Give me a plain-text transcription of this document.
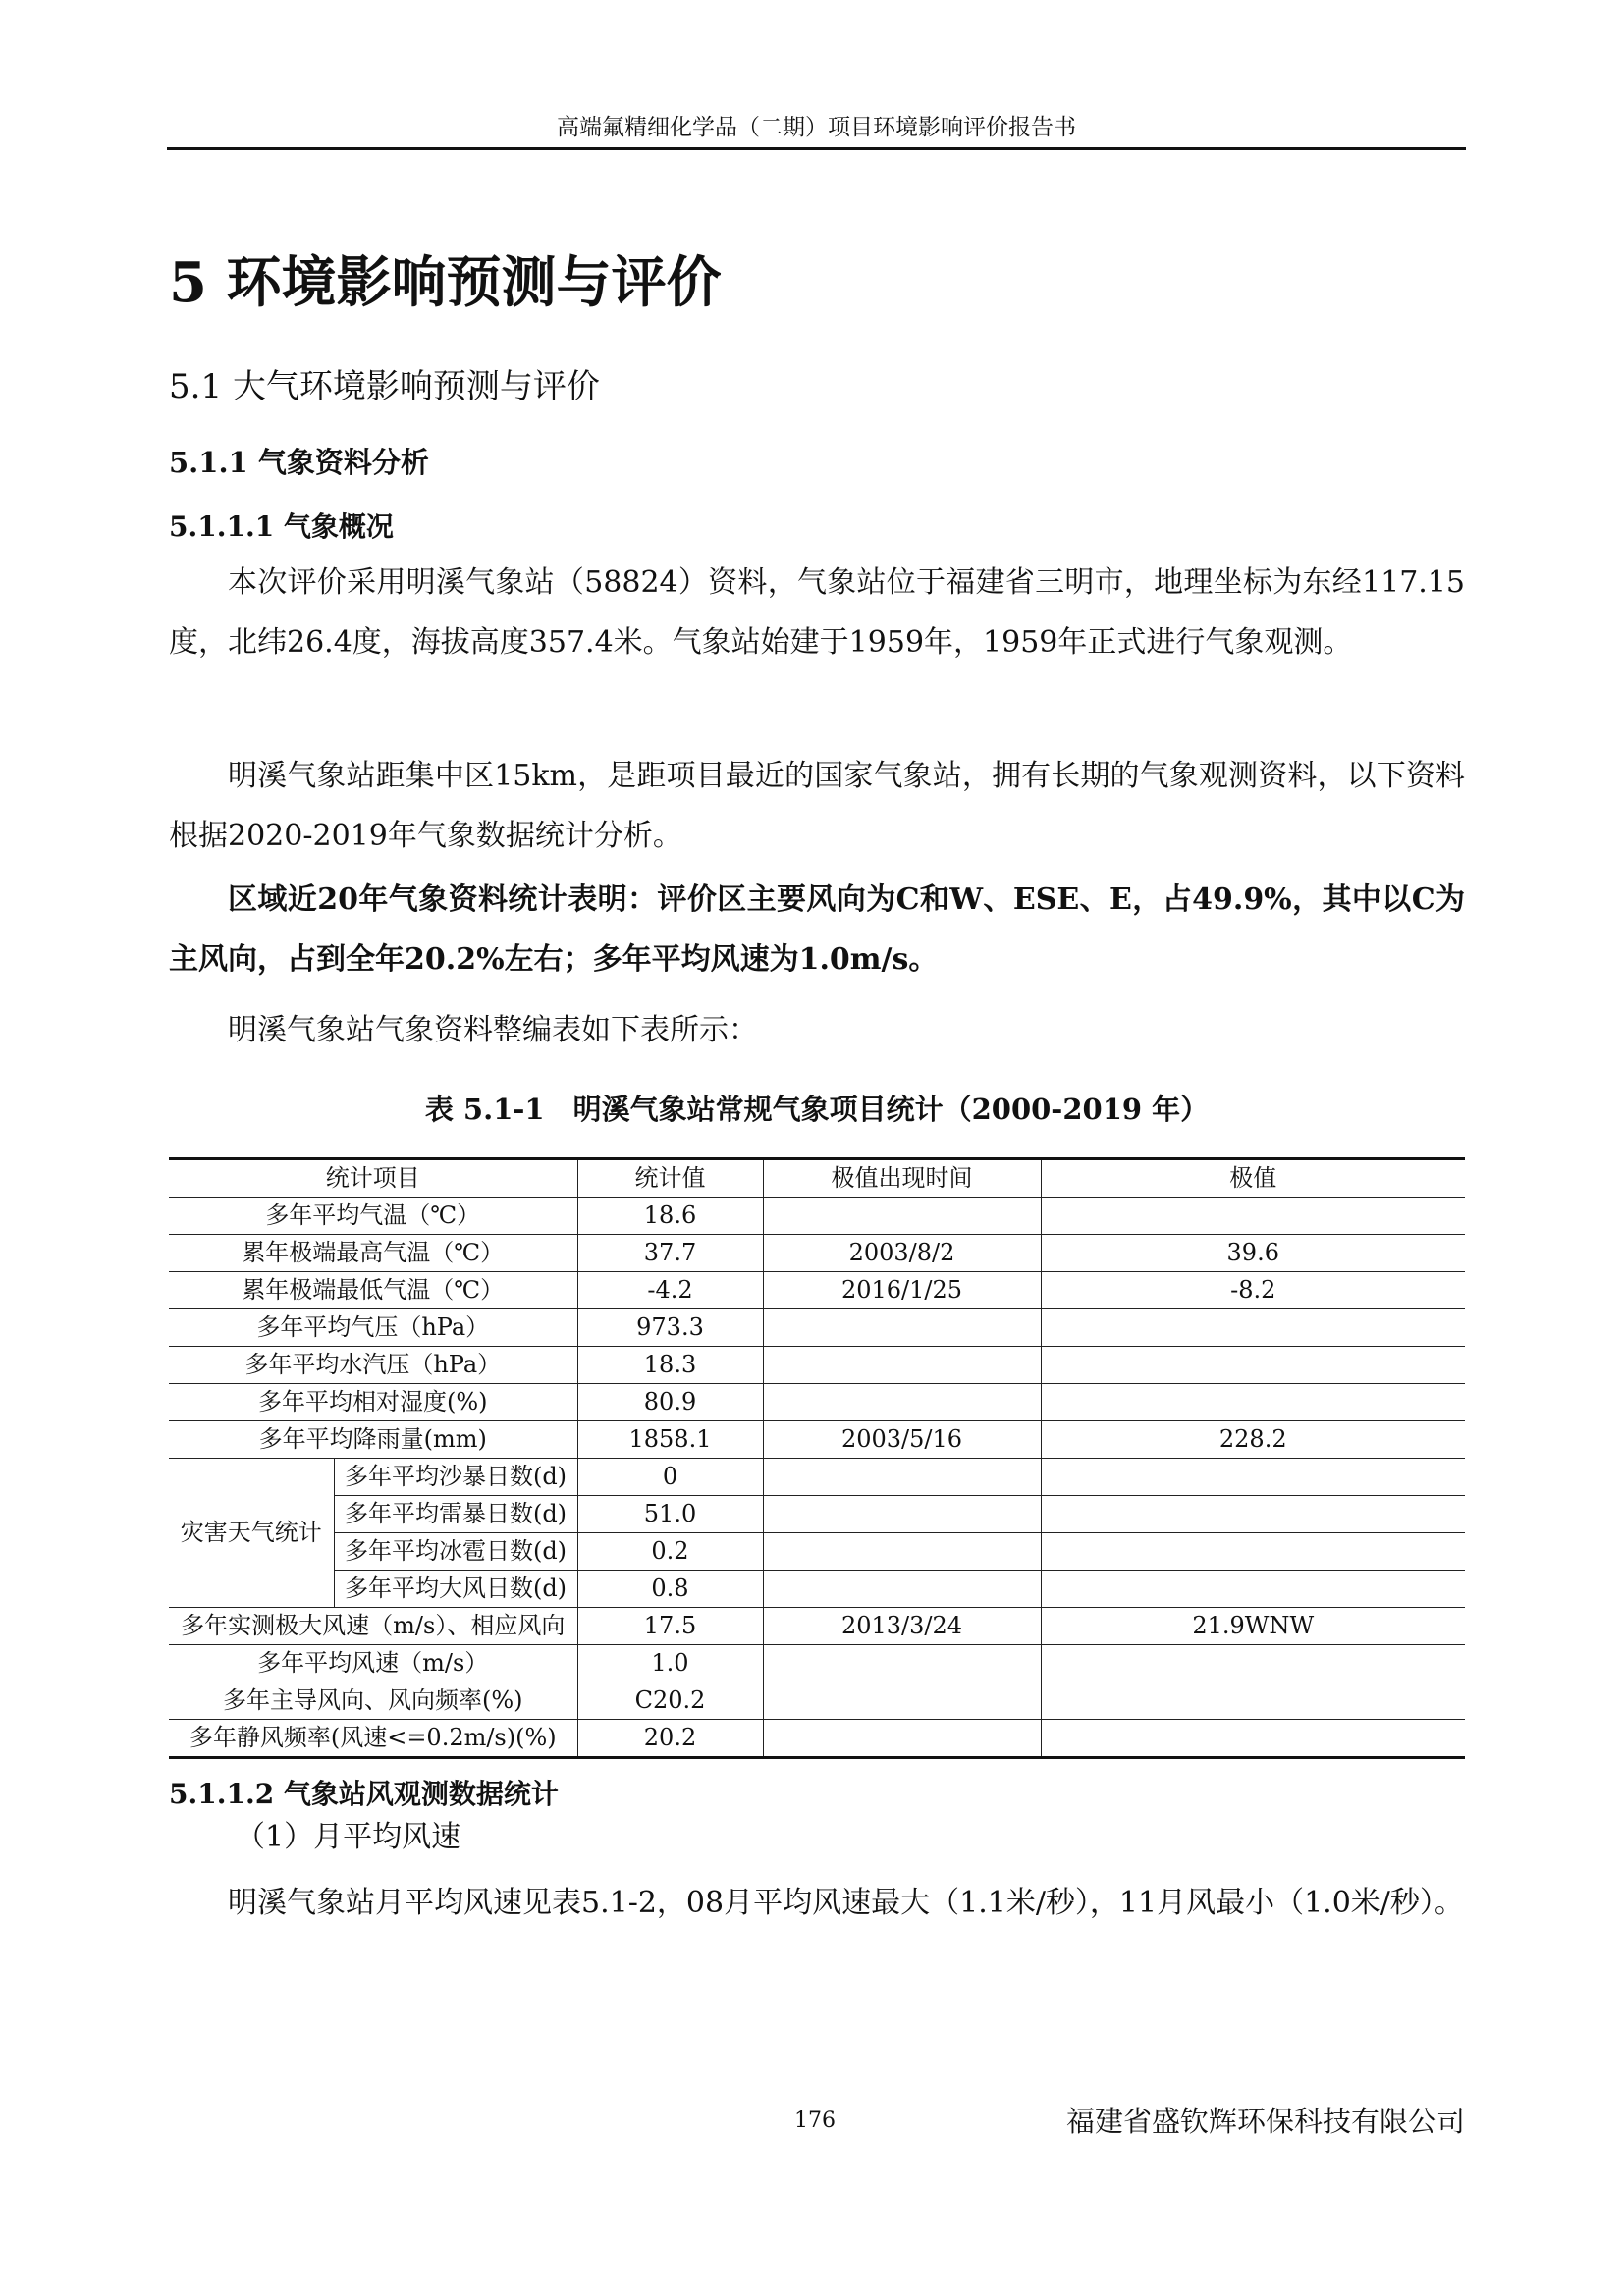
高端氟精细化学品（二期）项目环境影响评价报告书
5 环境影响预测与评价
5.1 大气环境影响预测与评价
5.1.1 气象资料分析
5.1.1.1 气象概况
本次评价采用明溪气象站（58824）资料，气象站位于福建省三明市，地理坐标为东经117.15度，北纬26.4度，海拔高度357.4米。气象站始建于1959年，1959年正式进行气象观测。
明溪气象站距集中区15km，是距项目最近的国家气象站，拥有长期的气象观测资料，以下资料根据2020-2019年气象数据统计分析。
区域近20年气象资料统计表明：评价区主要风向为C和W、ESE、E，占49.9%，其中以C为主风向，占到全年20.2%左右；多年平均风速为1.0m/s。
明溪气象站气象资料整编表如下表所示：
表 5.1-1　明溪气象站常规气象项目统计（2000-2019 年）
统计项目		统计值	极值出现时间	极值
多年平均气温（℃）		18.6		
累年极端最高气温（℃）		37.7	2003/8/2	39.6
累年极端最低气温（℃）		-4.2	2016/1/25	-8.2
多年平均气压（hPa）		973.3		
多年平均水汽压（hPa）		18.3		
多年平均相对湿度(%)		80.9		
多年平均降雨量(mm)		1858.1	2003/5/16	228.2
灾害天气统计	多年平均沙暴日数(d)	0		
	多年平均雷暴日数(d)	51.0		
	多年平均冰雹日数(d)	0.2		
	多年平均大风日数(d)	0.8		
多年实测极大风速（m/s）、相应风向		17.5	2013/3/24	21.9WNW
多年平均风速（m/s）		1.0		
多年主导风向、风向频率(%)		C20.2		
多年静风频率(风速<=0.2m/s)(%)		20.2		
5.1.1.2 气象站风观测数据统计
（1）月平均风速
明溪气象站月平均风速见表5.1-2，08月平均风速最大（1.1米/秒），11月风最小（1.0米/秒）。
176	福建省盛钦辉环保科技有限公司
